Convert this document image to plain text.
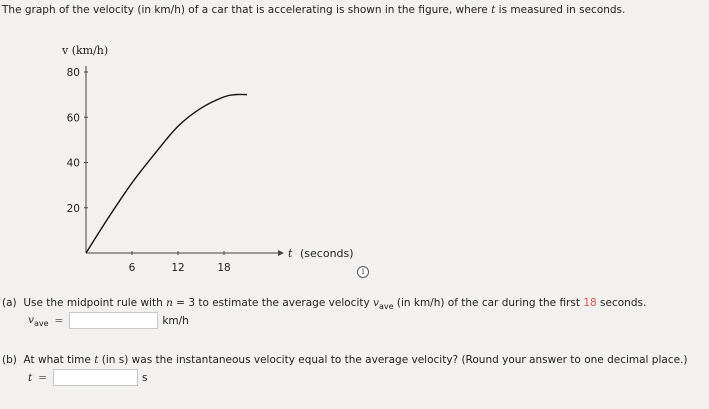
The graph of the velocity (in km/h) of a car that is accelerating is shown in the figure, where t is measured in seconds.
20
40
60
80
6	12	18
v (km/h)
t (seconds)
i
(a) Use the midpoint rule with n = 3 to estimate the average velocity $v_{ave}$ (in km/h) of the car during the first 18 seconds.
$v_{ave}$ =	km/h
(b) At what time t (in s) was the instantaneous velocity equal to the average velocity? (Round your answer to one decimal place.)
t =	s
